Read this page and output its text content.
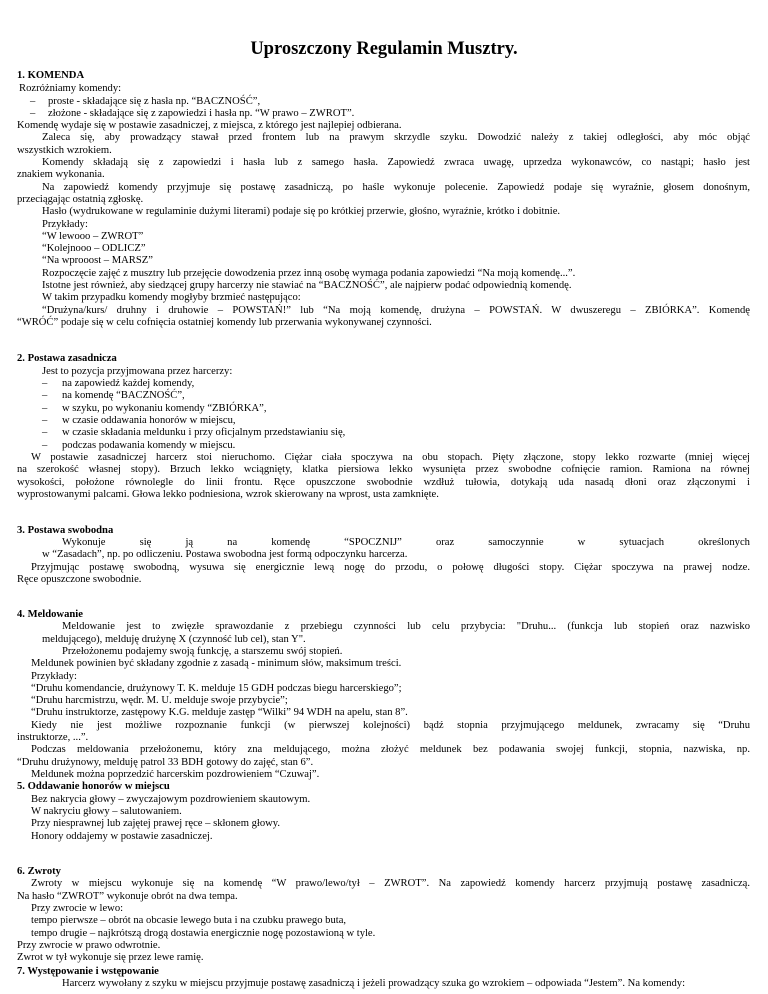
Uproszczony Regulamin Musztry.
1. KOMENDA
Rozróżniamy komendy:
– proste - składające się z hasła np. “BACZNOŚĆ”,
– złożone - składające się z zapowiedzi i hasła np. “W prawo – ZWROT”.
Komendę wydaje się w postawie zasadniczej, z miejsca, z którego jest najlepiej odbierana.
Zaleca się, aby prowadzący stawał przed frontem lub na prawym skrzydle szyku. Dowodzić należy z takiej odległości, aby móc objąć
wszystkich wzrokiem.
Komendy składają się z zapowiedzi i hasła lub z samego hasła. Zapowiedź zwraca uwagę, uprzedza wykonawców, co nastąpi; hasło jest
znakiem wykonania.
Na zapowiedź komendy przyjmuje się postawę zasadniczą, po haśle wykonuje polecenie. Zapowiedź podaje się wyraźnie, głosem donośnym,
przeciągając ostatnią zgłoskę.
Hasło (wydrukowane w regulaminie dużymi literami) podaje się po krótkiej przerwie, głośno, wyraźnie, krótko i dobitnie.
Przykłady:
“W lewooo – ZWROT”
“Kolejnooo – ODLICZ”
“Na wprooost – MARSZ”
Rozpoczęcie zajęć z musztry lub przejęcie dowodzenia przez inną osobę wymaga podania zapowiedzi “Na moją komendę...”.
Istotne jest również, aby siedzącej grupy harcerzy nie stawiać na “BACZNOŚĆ”, ale najpierw podać odpowiednią komendę.
W takim przypadku komendy mogłyby brzmieć następująco:
“Drużyna/kurs/ druhny i druhowie – POWSTAŃ!” lub “Na moją komendę, drużyna – POWSTAŃ. W dwuszeregu – ZBIÓRKA”. Komendę
“WRÓĆ” podaje się w celu cofnięcia ostatniej komendy lub przerwania wykonywanej czynności.
2. Postawa zasadnicza
Jest to pozycja przyjmowana przez harcerzy:
– na zapowiedź każdej komendy,
– na komendę “BACZNOŚĆ”,
– w szyku, po wykonaniu komendy “ZBIÓRKA”,
– w czasie oddawania honorów w miejscu,
– w czasie składania meldunku i przy oficjalnym przedstawianiu się,
– podczas podawania komendy w miejscu.
W postawie zasadniczej harcerz stoi nieruchomo. Ciężar ciała spoczywa na obu stopach. Pięty złączone, stopy lekko rozwarte (mniej więcej
na szerokość własnej stopy). Brzuch lekko wciągnięty, klatka piersiowa lekko wysunięta przez swobodne cofnięcie ramion. Ramiona na równej
wysokości, położone równolegle do linii frontu. Ręce opuszczone swobodnie wzdłuż tułowia, dotykają uda nasadą dłoni oraz złączonymi i
wyprostowanymi palcami. Głowa lekko podniesiona, wzrok skierowany na wprost, usta zamknięte.
3. Postawa swobodna
Wykonuje	się	ją	na	komendę	“SPOCZNIJ”	oraz	samoczynnie	w	sytuacjach	określonych
w “Zasadach”, np. po odliczeniu. Postawa swobodna jest formą odpoczynku harcerza.
Przyjmując postawę swobodną, wysuwa się energicznie lewą nogę do przodu, o połowę długości stopy. Ciężar spoczywa na prawej nodze.
Ręce opuszczone swobodnie.
4. Meldowanie
Meldowanie jest to zwięzłe sprawozdanie z przebiegu czynności lub celu przybycia: "Druhu... (funkcja lub stopień oraz nazwisko
meldującego), melduję drużynę X (czynność lub cel), stan Y".
Przełożonemu podajemy swoją funkcję, a starszemu swój stopień.
Meldunek powinien być składany zgodnie z zasadą - minimum słów, maksimum treści.
Przykłady:
“Druhu komendancie, drużynowy T. K. melduje 15 GDH podczas biegu harcerskiego”;
“Druhu harcmistrzu, wędr. M. U. melduje swoje przybycie”;
“Druhu instruktorze, zastępowy K.G. melduje zastęp “Wilki” 94 WDH na apelu, stan 8”.
Kiedy nie jest możliwe rozpoznanie funkcji (w pierwszej kolejności) bądź stopnia przyjmującego meldunek, zwracamy się “Druhu
instruktorze, ...”.
Podczas meldowania przełożonemu, który zna meldującego, można złożyć meldunek bez podawania swojej funkcji, stopnia, nazwiska, np.
“Druhu drużynowy, melduję patrol 33 BDH gotowy do zajęć, stan 6”.
Meldunek można poprzedzić harcerskim pozdrowieniem “Czuwaj”.
5. Oddawanie honorów w miejscu
Bez nakrycia głowy – zwyczajowym pozdrowieniem skautowym.
W nakryciu głowy – salutowaniem.
Przy niesprawnej lub zajętej prawej ręce – skłonem głowy.
Honory oddajemy w postawie zasadniczej.
6. Zwroty
Zwroty w miejscu wykonuje się na komendę “W prawo/lewo/tył – ZWROT”. Na zapowiedź komendy harcerz przyjmują postawę zasadniczą.
Na hasło “ZWROT” wykonuje obrót na dwa tempa.
Przy zwrocie w lewo:
tempo pierwsze – obrót na obcasie lewego buta i na czubku prawego buta,
tempo drugie – najkrótszą drogą dostawia energicznie nogę pozostawioną w tyle.
Przy zwrocie w prawo odwrotnie.
Zwrot w tył wykonuje się przez lewe ramię.
7. Występowanie i wstępowanie
Harcerz wywołany z szyku w miejscu przyjmuje postawę zasadniczą i jeżeli prowadzący szuka go wzrokiem – odpowiada “Jestem”. Na komendy:
